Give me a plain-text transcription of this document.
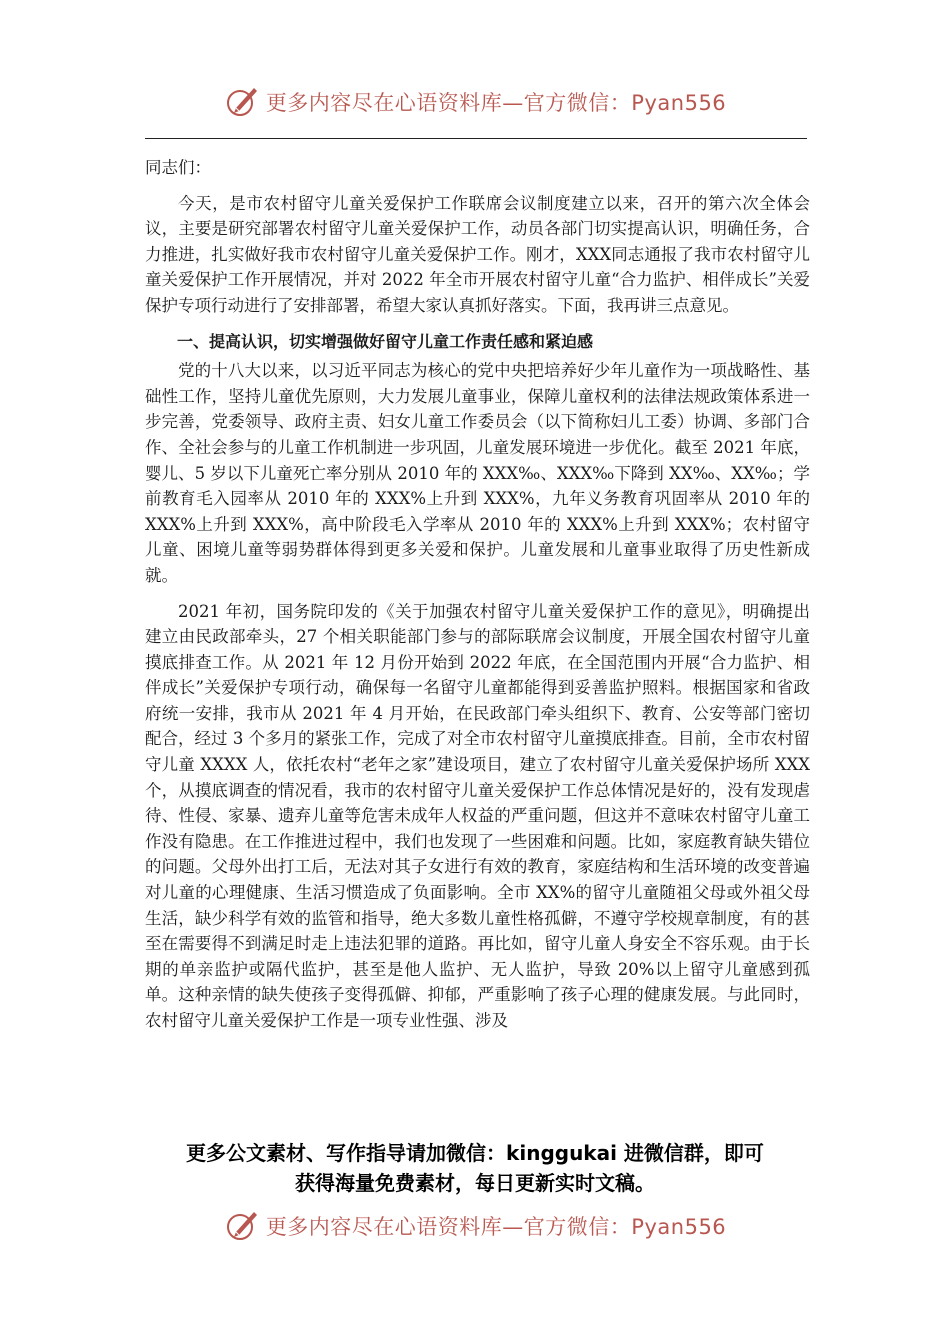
更多内容尽在心语资料库—官方微信：Pyan556

同志们：

今天，是市农村留守儿童关爱保护工作联席会议制度建立以来，召开的第六次全体会议，主要是研究部署农村留守儿童关爱保护工作，动员各部门切实提高认识，明确任务，合力推进，扎实做好我市农村留守儿童关爱保护工作。刚才，XXX同志通报了我市农村留守儿童关爱保护工作开展情况，并对 2022 年全市开展农村留守儿童“合力监护、相伴成长”关爱保护专项行动进行了安排部署，希望大家认真抓好落实。下面，我再讲三点意见。

一、提高认识，切实增强做好留守儿童工作责任感和紧迫感

党的十八大以来，以习近平同志为核心的党中央把培养好少年儿童作为一项战略性、基础性工作，坚持儿童优先原则，大力发展儿童事业，保障儿童权利的法律法规政策体系进一步完善，党委领导、政府主责、妇女儿童工作委员会（以下简称妇儿工委）协调、多部门合作、全社会参与的儿童工作机制进一步巩固，儿童发展环境进一步优化。截至 2021 年底，婴儿、5 岁以下儿童死亡率分别从 2010 年的 XXX‰、XXX‰下降到 XX‰、XX‰；学前教育毛入园率从 2010 年的 XXX%上升到 XXX%，九年义务教育巩固率从 2010 年的 XXX%上升到 XXX%，高中阶段毛入学率从 2010 年的 XXX%上升到 XXX%；农村留守儿童、困境儿童等弱势群体得到更多关爱和保护。儿童发展和儿童事业取得了历史性新成就。

2021 年初，国务院印发的《关于加强农村留守儿童关爱保护工作的意见》，明确提出建立由民政部牵头，27 个相关职能部门参与的部际联席会议制度，开展全国农村留守儿童摸底排查工作。从 2021 年 12 月份开始到 2022 年底，在全国范围内开展“合力监护、相伴成长”关爱保护专项行动，确保每一名留守儿童都能得到妥善监护照料。根据国家和省政府统一安排，我市从 2021 年 4 月开始，在民政部门牵头组织下、教育、公安等部门密切配合，经过 3 个多月的紧张工作，完成了对全市农村留守儿童摸底排查。目前，全市农村留守儿童 XXXX 人，依托农村“老年之家”建设项目，建立了农村留守儿童关爱保护场所 XXX 个，从摸底调查的情况看，我市的农村留守儿童关爱保护工作总体情况是好的，没有发现虐待、性侵、家暴、遗弃儿童等危害未成年人权益的严重问题，但这并不意味农村留守儿童工作没有隐患。在工作推进过程中，我们也发现了一些困难和问题。比如，家庭教育缺失错位的问题。父母外出打工后，无法对其子女进行有效的教育，家庭结构和生活环境的改变普遍对儿童的心理健康、生活习惯造成了负面影响。全市 XX%的留守儿童随祖父母或外祖父母生活，缺少科学有效的监管和指导，绝大多数儿童性格孤僻，不遵守学校规章制度，有的甚至在需要得不到满足时走上违法犯罪的道路。再比如，留守儿童人身安全不容乐观。由于长期的单亲监护或隔代监护，甚至是他人监护、无人监护，导致 20%以上留守儿童感到孤单。这种亲情的缺失使孩子变得孤僻、抑郁，严重影响了孩子心理的健康发展。与此同时，农村留守儿童关爱保护工作是一项专业性强、涉及

更多公文素材、写作指导请加微信：kinggukai 进微信群，即可
获得海量免费素材，每日更新实时文稿。
更多内容尽在心语资料库—官方微信：Pyan556
